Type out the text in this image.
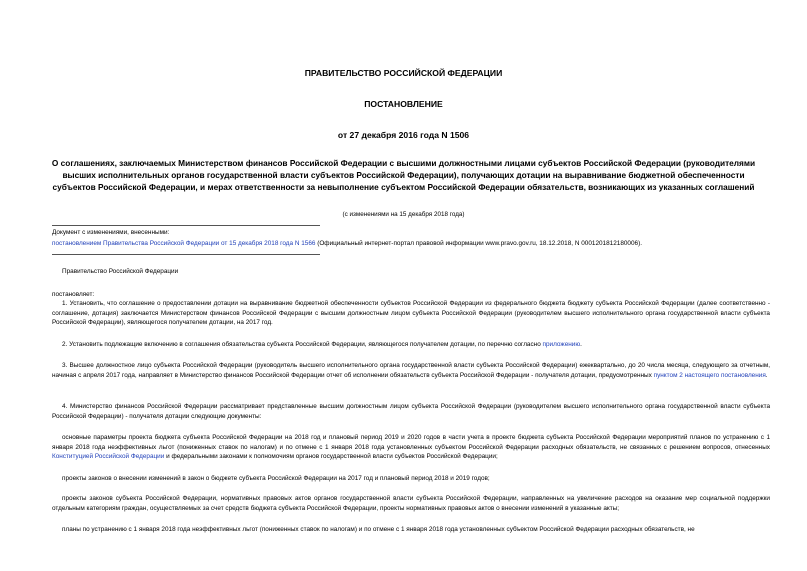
ПРАВИТЕЛЬСТВО РОССИЙСКОЙ ФЕДЕРАЦИИ
ПОСТАНОВЛЕНИЕ
от 27 декабря 2016 года N 1506
О соглашениях, заключаемых Министерством финансов Российской Федерации с высшими должностными лицами субъектов Российской Федерации (руководителями высших исполнительных органов государственной власти субъектов Российской Федерации), получающих дотации на выравнивание бюджетной обеспеченности субъектов Российской Федерации, и мерах ответственности за невыполнение субъектом Российской Федерации обязательств, возникающих из указанных соглашений
(с изменениями на 15 декабря 2018 года)
Документ с изменениями, внесенными:
постановлением Правительства Российской Федерации от 15 декабря 2018 года N 1566 (Официальный интернет-портал правовой информации www.pravo.gov.ru, 18.12.2018, N 0001201812180006).
Правительство Российской Федерации
постановляет:
1. Установить, что соглашение о предоставлении дотации на выравнивание бюджетной обеспеченности субъектов Российской Федерации из федерального бюджета бюджету субъекта Российской Федерации (далее соответственно - соглашение, дотация) заключается Министерством финансов Российской Федерации с высшим должностным лицом субъекта Российской Федерации (руководителем высшего исполнительного органа государственной власти субъекта Российской Федерации), являющегося получателем дотации, на 2017 год.
2. Установить подлежащие включению в соглашения обязательства субъекта Российской Федерации, являющегося получателем дотации, по перечню согласно приложению.
3. Высшее должностное лицо субъекта Российской Федерации (руководитель высшего исполнительного органа государственной власти субъекта Российской Федерации) ежеквартально, до 20 числа месяца, следующего за отчетным, начиная с апреля 2017 года, направляет в Министерство финансов Российской Федерации отчет об исполнении обязательств субъекта Российской Федерации - получателя дотации, предусмотренных пунктом 2 настоящего постановления.
4. Министерство финансов Российской Федерации рассматривает представленные высшим должностным лицом субъекта Российской Федерации (руководителем высшего исполнительного органа государственной власти субъекта Российской Федерации) - получателя дотации следующие документы:
основные параметры проекта бюджета субъекта Российской Федерации на 2018 год и плановый период 2019 и 2020 годов в части учета в проекте бюджета субъекта Российской Федерации мероприятий планов по устранению с 1 января 2018 года неэффективных льгот (пониженных ставок по налогам) и по отмене с 1 января 2018 года установленных субъектом Российской Федерации расходных обязательств, не связанных с решением вопросов, отнесенных Конституцией Российской Федерации и федеральными законами к полномочиям органов государственной власти субъектов Российской Федерации;
проекты законов о внесении изменений в закон о бюджете субъекта Российской Федерации на 2017 год и плановый период 2018 и 2019 годов;
проекты законов субъекта Российской Федерации, нормативных правовых актов органов государственной власти субъекта Российской Федерации, направленных на увеличение расходов на оказание мер социальной поддержки отдельным категориям граждан, осуществляемых за счет средств бюджета субъекта Российской Федерации, проекты нормативных правовых актов о внесении изменений в указанные акты;
планы по устранению с 1 января 2018 года неэффективных льгот (пониженных ставок по налогам) и по отмене с 1 января 2018 года установленных субъектом Российской Федерации расходных обязательств, не
